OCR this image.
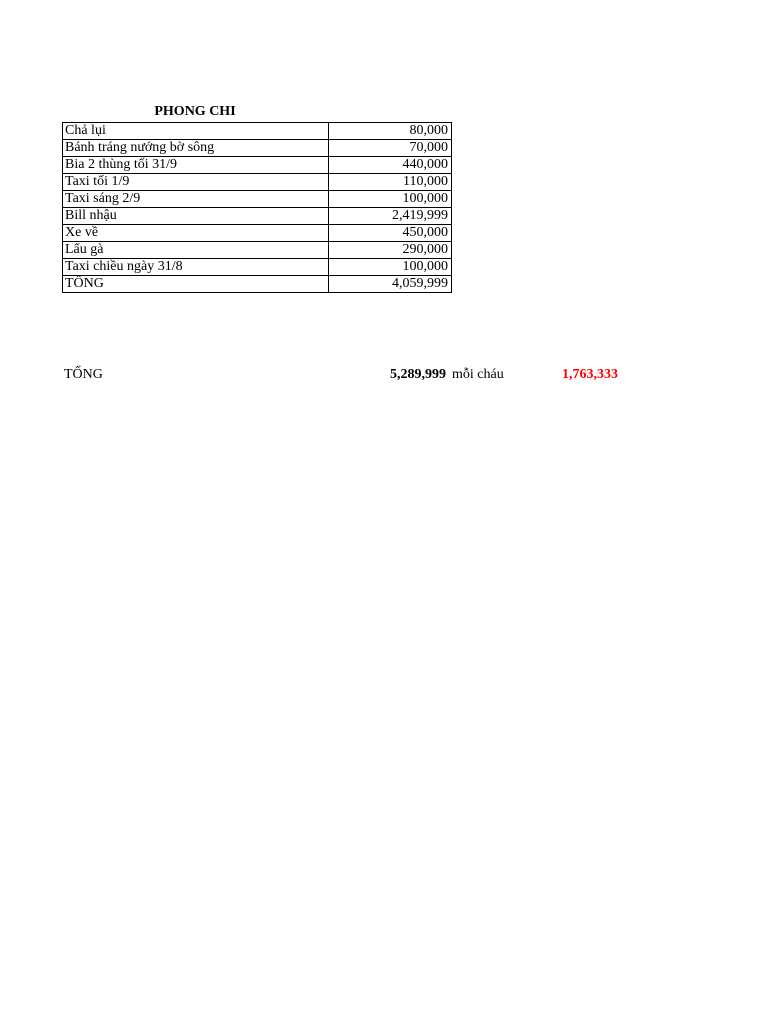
PHONG CHI
Chả lụi	80,000
Bánh tráng nướng bờ sông	70,000
Bia 2 thùng tối 31/9	440,000
Taxi tối 1/9	110,000
Taxi sáng 2/9	100,000
Bill nhậu	2,419,999
Xe về	450,000
Lẩu gà	290,000
Taxi chiều ngày 31/8	100,000
TỔNG	4,059,999
TỔNG	5,289,999 mỗi cháu	1,763,333
